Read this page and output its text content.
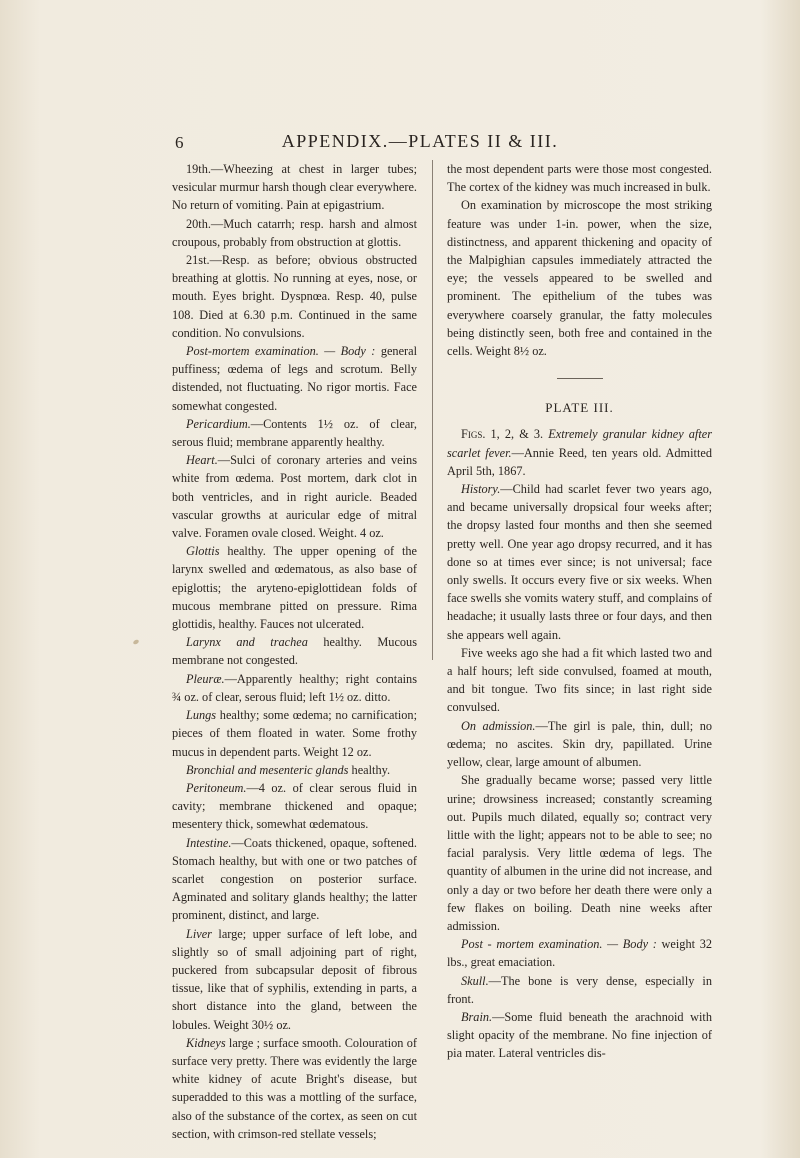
6	APPENDIX.—PLATES II & III.

19th.—Wheezing at chest in larger tubes; vesicular murmur harsh though clear everywhere. No return of vomiting. Pain at epigastrium.

20th.—Much catarrh; resp. harsh and almost croupous, probably from obstruction at glottis.

21st.—Resp. as before; obvious obstructed breathing at glottis. No running at eyes, nose, or mouth. Eyes bright. Dyspnœa. Resp. 40, pulse 108. Died at 6.30 p.m. Continued in the same condition. No convulsions.

Post-mortem examination. — Body : general puffiness; œdema of legs and scrotum. Belly distended, not fluctuating. No rigor mortis. Face somewhat congested.

Pericardium.—Contents 1½ oz. of clear, serous fluid; membrane apparently healthy.

Heart.—Sulci of coronary arteries and veins white from œdema. Post mortem, dark clot in both ventricles, and in right auricle. Beaded vascular growths at auricular edge of mitral valve. Foramen ovale closed. Weight. 4 oz.

Glottis healthy. The upper opening of the larynx swelled and œdematous, as also base of epiglottis; the aryteno-epiglottidean folds of mucous membrane pitted on pressure. Rima glottidis, healthy. Fauces not ulcerated.

Larynx and trachea healthy. Mucous membrane not congested.

Pleuræ.—Apparently healthy; right contains ¾ oz. of clear, serous fluid; left 1½ oz. ditto.

Lungs healthy; some œdema; no carnification; pieces of them floated in water. Some frothy mucus in dependent parts. Weight 12 oz.

Bronchial and mesenteric glands healthy.

Peritoneum.—4 oz. of clear serous fluid in cavity; membrane thickened and opaque; mesentery thick, somewhat œdematous.

Intestine.—Coats thickened, opaque, softened. Stomach healthy, but with one or two patches of scarlet congestion on posterior surface. Agminated and solitary glands healthy; the latter prominent, distinct, and large.

Liver large; upper surface of left lobe, and slightly so of small adjoining part of right, puckered from subcapsular deposit of fibrous tissue, like that of syphilis, extending in parts, a short distance into the gland, between the lobules. Weight 30½ oz.

Kidneys large ; surface smooth. Colouration of surface very pretty. There was evidently the large white kidney of acute Bright's disease, but superadded to this was a mottling of the surface, also of the substance of the cortex, as seen on cut section, with crimson-red stellate vessels;

the most dependent parts were those most congested. The cortex of the kidney was much increased in bulk.

On examination by microscope the most striking feature was under 1-in. power, when the size, distinctness, and apparent thickening and opacity of the Malpighian capsules immediately attracted the eye; the vessels appeared to be swelled and prominent. The epithelium of the tubes was everywhere coarsely granular, the fatty molecules being distinctly seen, both free and contained in the cells. Weight 8½ oz.

PLATE III.

Figs. 1, 2, & 3. Extremely granular kidney after scarlet fever.—Annie Reed, ten years old. Admitted April 5th, 1867.

History.—Child had scarlet fever two years ago, and became universally dropsical four weeks after; the dropsy lasted four months and then she seemed pretty well. One year ago dropsy recurred, and it has done so at times ever since; is not universal; face only swells. It occurs every five or six weeks. When face swells she vomits watery stuff, and complains of headache; it usually lasts three or four days, and then she appears well again.

Five weeks ago she had a fit which lasted two and a half hours; left side convulsed, foamed at mouth, and bit tongue. Two fits since; in last right side convulsed.

On admission.—The girl is pale, thin, dull; no œdema; no ascites. Skin dry, papillated. Urine yellow, clear, large amount of albumen.

She gradually became worse; passed very little urine; drowsiness increased; constantly screaming out. Pupils much dilated, equally so; contract very little with the light; appears not to be able to see; no facial paralysis. Very little œdema of legs. The quantity of albumen in the urine did not increase, and only a day or two before her death there were only a few flakes on boiling. Death nine weeks after admission.

Post - mortem examination. — Body : weight 32 lbs., great emaciation.

Skull.—The bone is very dense, especially in front.

Brain.—Some fluid beneath the arachnoid with slight opacity of the membrane. No fine injection of pia mater. Lateral ventricles dis-
